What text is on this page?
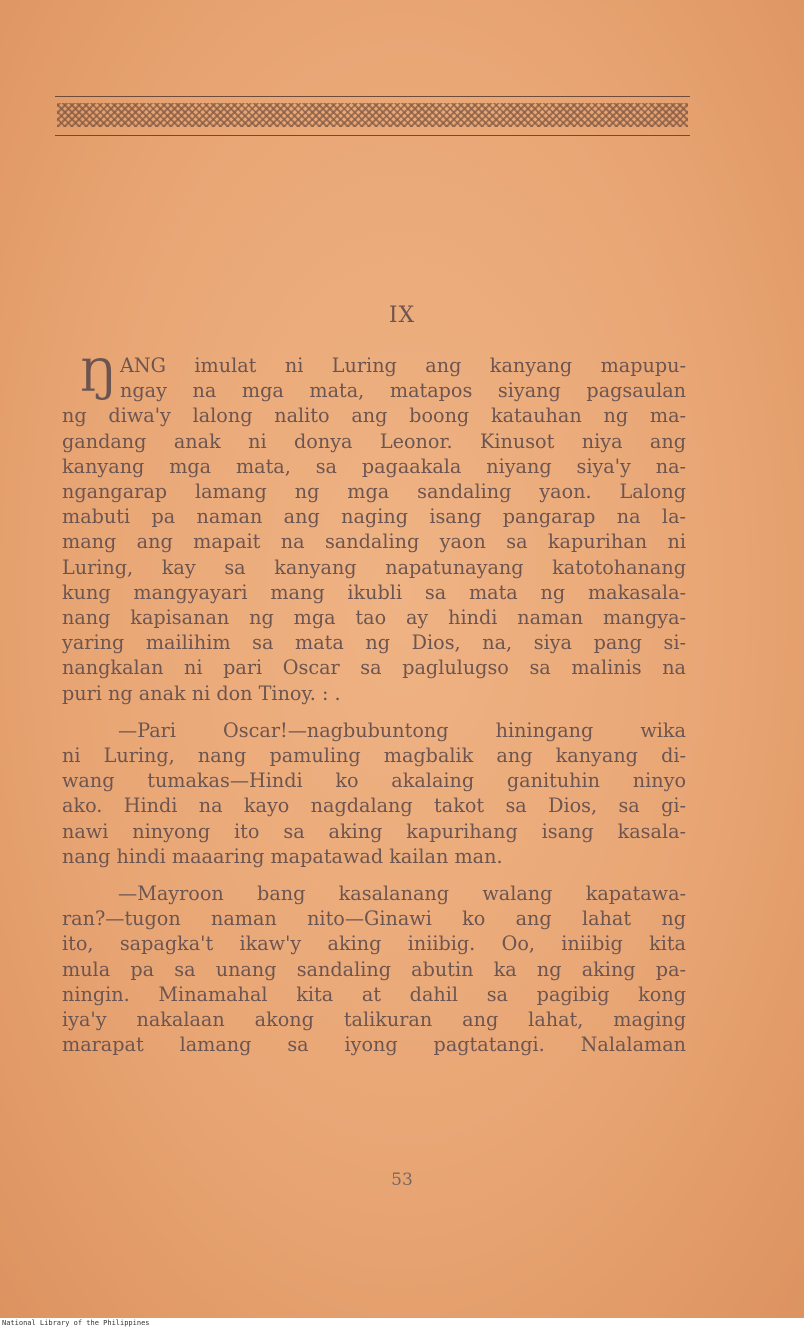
IX
Ŋ ANG imulat ni Luring ang kanyang mapupu-
ngay na mga mata, matapos siyang pagsaulan
ng diwa'y lalong nalito ang boong katauhan ng ma-
gandang anak ni donya Leonor. Kinusot niya ang
kanyang mga mata, sa pagaakala niyang siya'y na-
ngangarap lamang ng mga sandaling yaon. Lalong
mabuti pa naman ang naging isang pangarap na la-
mang ang mapait na sandaling yaon sa kapurihan ni
Luring, kay sa kanyang napatunayang katotohanang
kung mangyayari mang ikubli sa mata ng makasala-
nang kapisanan ng mga tao ay hindi naman mangya-
yaring mailihim sa mata ng Dios, na, siya pang si-
nangkalan ni pari Oscar sa paglulugso sa malinis na
puri ng anak ni don Tinoy. : .
—Pari Oscar!—nagbubuntong hiningang wika
ni Luring, nang pamuling magbalik ang kanyang di-
wang tumakas—Hindi ko akalaing ganituhin ninyo
ako. Hindi na kayo nagdalang takot sa Dios, sa gi-
nawi ninyong ito sa aking kapurihang isang kasala-
nang hindi maaaring mapatawad kailan man.
—Mayroon bang kasalanang walang kapatawa-
ran?—tugon naman nito—Ginawi ko ang lahat ng
ito, sapagka't ikaw'y aking iniibig. Oo, iniibig kita
mula pa sa unang sandaling abutin ka ng aking pa-
ningin. Minamahal kita at dahil sa pagibig kong
iya'y nakalaan akong talikuran ang lahat, maging
marapat lamang sa iyong pagtatangi. Nalalaman
53
National Library of the Philippines
